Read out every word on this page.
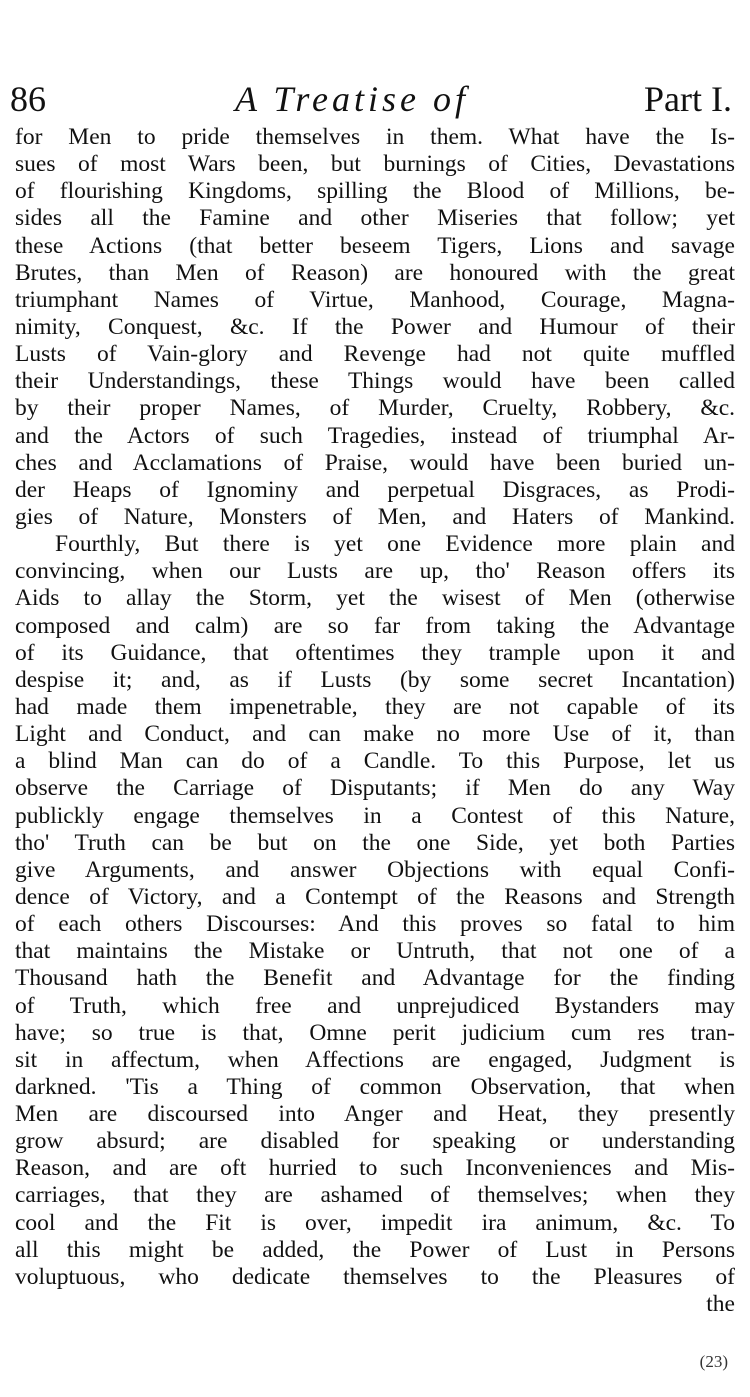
86	A Treatise of	Part I.
for Men to pride themselves in them. What have the Is-
sues of most Wars been, but burnings of Cities, Devastations
of flourishing Kingdoms, spilling the Blood of Millions, be-
sides all the Famine and other Miseries that follow; yet
these Actions (that better beseem Tigers, Lions and savage
Brutes, than Men of Reason) are honoured with the great
triumphant Names of Virtue, Manhood, Courage, Magna-
nimity, Conquest, &c. If the Power and Humour of their
Lusts of Vain-glory and Revenge had not quite muffled
their Understandings, these Things would have been called
by their proper Names, of Murder, Cruelty, Robbery, &c.
and the Actors of such Tragedies, instead of triumphal Ar-
ches and Acclamations of Praise, would have been buried un-
der Heaps of Ignominy and perpetual Disgraces, as Prodi-
gies of Nature, Monsters of Men, and Haters of Mankind.
Fourthly, But there is yet one Evidence more plain and
convincing, when our Lusts are up, tho' Reason offers its
Aids to allay the Storm, yet the wisest of Men (otherwise
composed and calm) are so far from taking the Advantage
of its Guidance, that oftentimes they trample upon it and
despise it; and, as if Lusts (by some secret Incantation)
had made them impenetrable, they are not capable of its
Light and Conduct, and can make no more Use of it, than
a blind Man can do of a Candle. To this Purpose, let us
observe the Carriage of Disputants; if Men do any Way
publickly engage themselves in a Contest of this Nature,
tho' Truth can be but on the one Side, yet both Parties
give Arguments, and answer Objections with equal Confi-
dence of Victory, and a Contempt of the Reasons and Strength
of each others Discourses: And this proves so fatal to him
that maintains the Mistake or Untruth, that not one of a
Thousand hath the Benefit and Advantage for the finding
of Truth, which free and unprejudiced Bystanders may
have; so true is that, Omne perit judicium cum res tran-
sit in affectum, when Affections are engaged, Judgment is
darkned. 'Tis a Thing of common Observation, that when
Men are discoursed into Anger and Heat, they presently
grow absurd; are disabled for speaking or understanding
Reason, and are oft hurried to such Inconveniences and Mis-
carriages, that they are ashamed of themselves; when they
cool and the Fit is over, impedit ira animum, &c. To
all this might be added, the Power of Lust in Persons
voluptuous, who dedicate themselves to the Pleasures of
the
(23)
